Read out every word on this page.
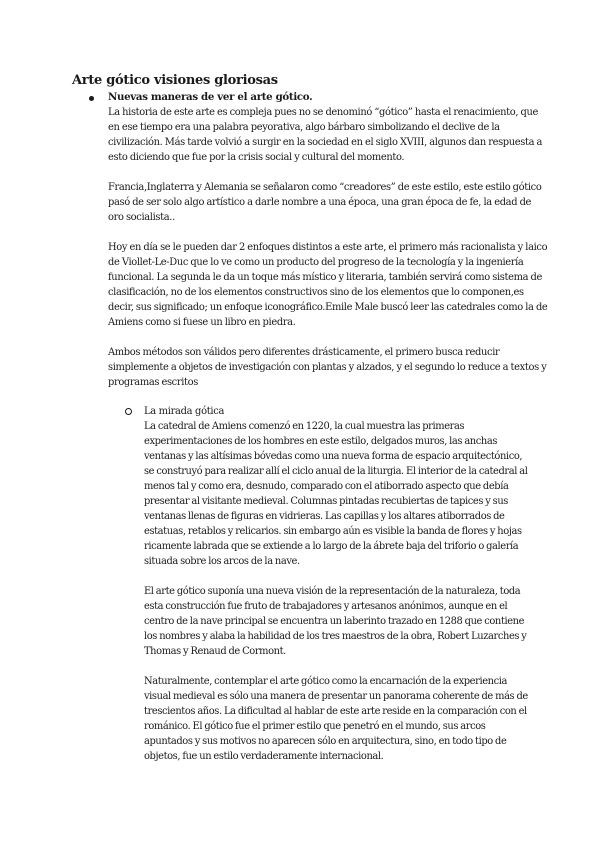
Arte gótico visiones gloriosas

Nuevas maneras de ver el arte gótico.

La historia de este arte es compleja pues no se denominó “gótico” hasta el renacimiento, que en ese tiempo era una palabra peyorativa, algo bárbaro simbolizando el declive de la civilización. Más tarde volvió a surgir en la sociedad en el siglo XVIII, algunos dan respuesta a esto diciendo que fue por la crisis social y cultural del momento.

Francia,Inglaterra y Alemania se señalaron como “creadores” de este estilo, este estilo gótico pasó de ser solo algo artístico a darle nombre a una época, una gran época de fe, la edad de oro socialista..

Hoy en día se le pueden dar 2 enfoques distintos a este arte, el primero más racionalista y laico de Viollet-Le-Duc que lo ve como un producto del progreso de la tecnología y la ingeniería funcional. La segunda le da un toque más místico y literaria, también servirá como sistema de clasificación, no de los elementos constructivos sino de los elementos que lo componen,es decir, sus significado; un enfoque iconográfico.Emile Male buscó leer las catedrales como la de Amiens como si fuese un libro en piedra.

Ambos métodos son válidos pero diferentes drásticamente, el primero busca reducir simplemente a objetos de investigación con plantas y alzados, y el segundo lo reduce a textos y programas escritos

La mirada gótica

La catedral de Amiens comenzó en 1220, la cual muestra las primeras experimentaciones de los hombres en este estilo, delgados muros, las anchas ventanas y las altísimas bóvedas como una nueva forma de espacio arquitectónico, se construyó para realizar allí el ciclo anual de la liturgia. El interior de la catedral al menos tal y como era, desnudo, comparado con el atiborrado aspecto que debía presentar al visitante medieval. Columnas pintadas recubiertas de tapices y sus ventanas llenas de figuras en vidrieras. Las capillas y los altares atiborrados de estatuas, retablos y relicarios. sin embargo aún es visible la banda de flores y hojas ricamente labrada que se extiende a lo largo de la ábrete baja del triforio o galería situada sobre los arcos de la nave.

El arte gótico suponía una nueva visión de la representación de la naturaleza, toda esta construcción fue fruto de trabajadores y artesanos anónimos, aunque en el centro de la nave principal se encuentra un laberinto trazado en 1288 que contiene los nombres y alaba la habilidad de los tres maestros de la obra, Robert Luzarches y Thomas y Renaud de Cormont.

Naturalmente, contemplar el arte gótico como la encarnación de la experiencia visual medieval es sólo una manera de presentar un panorama coherente de más de trescientos años. La dificultad al hablar de este arte reside en la comparación con el románico. El gótico fue el primer estilo que penetró en el mundo, sus arcos apuntados y sus motivos no aparecen sólo en arquitectura, sino, en todo tipo de objetos, fue un estilo verdaderamente internacional.
